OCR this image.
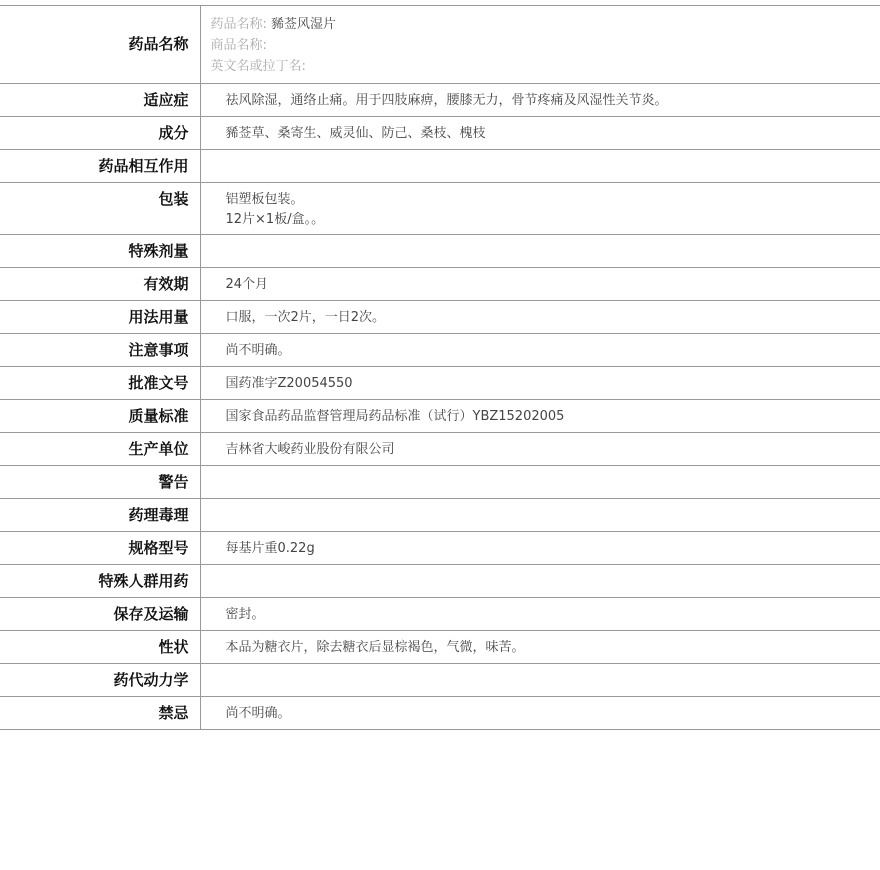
药品名称	药品名称: 豨莶风湿片
商品名称:
英文名或拉丁名:

适应症	祛风除湿，通络止痛。用于四肢麻痹，腰膝无力，骨节疼痛及风湿性关节炎。
成分	豨莶草、桑寄生、威灵仙、防己、桑枝、槐枝
药品相互作用	
包装	铝塑板包装。
12片×1板/盒。。

特殊剂量	
有效期	24个月
用法用量	口服，一次2片，一日2次。
注意事项	尚不明确。
批准文号	国药准字Z20054550
质量标准	国家食品药品监督管理局药品标准（试行）YBZ15202005
生产单位	吉林省大峻药业股份有限公司
警告	
药理毒理	
规格型号	每基片重0.22g
特殊人群用药	
保存及运输	密封。
性状	本品为糖衣片，除去糖衣后显棕褐色，气微，味苦。
药代动力学	
禁忌	尚不明确。
